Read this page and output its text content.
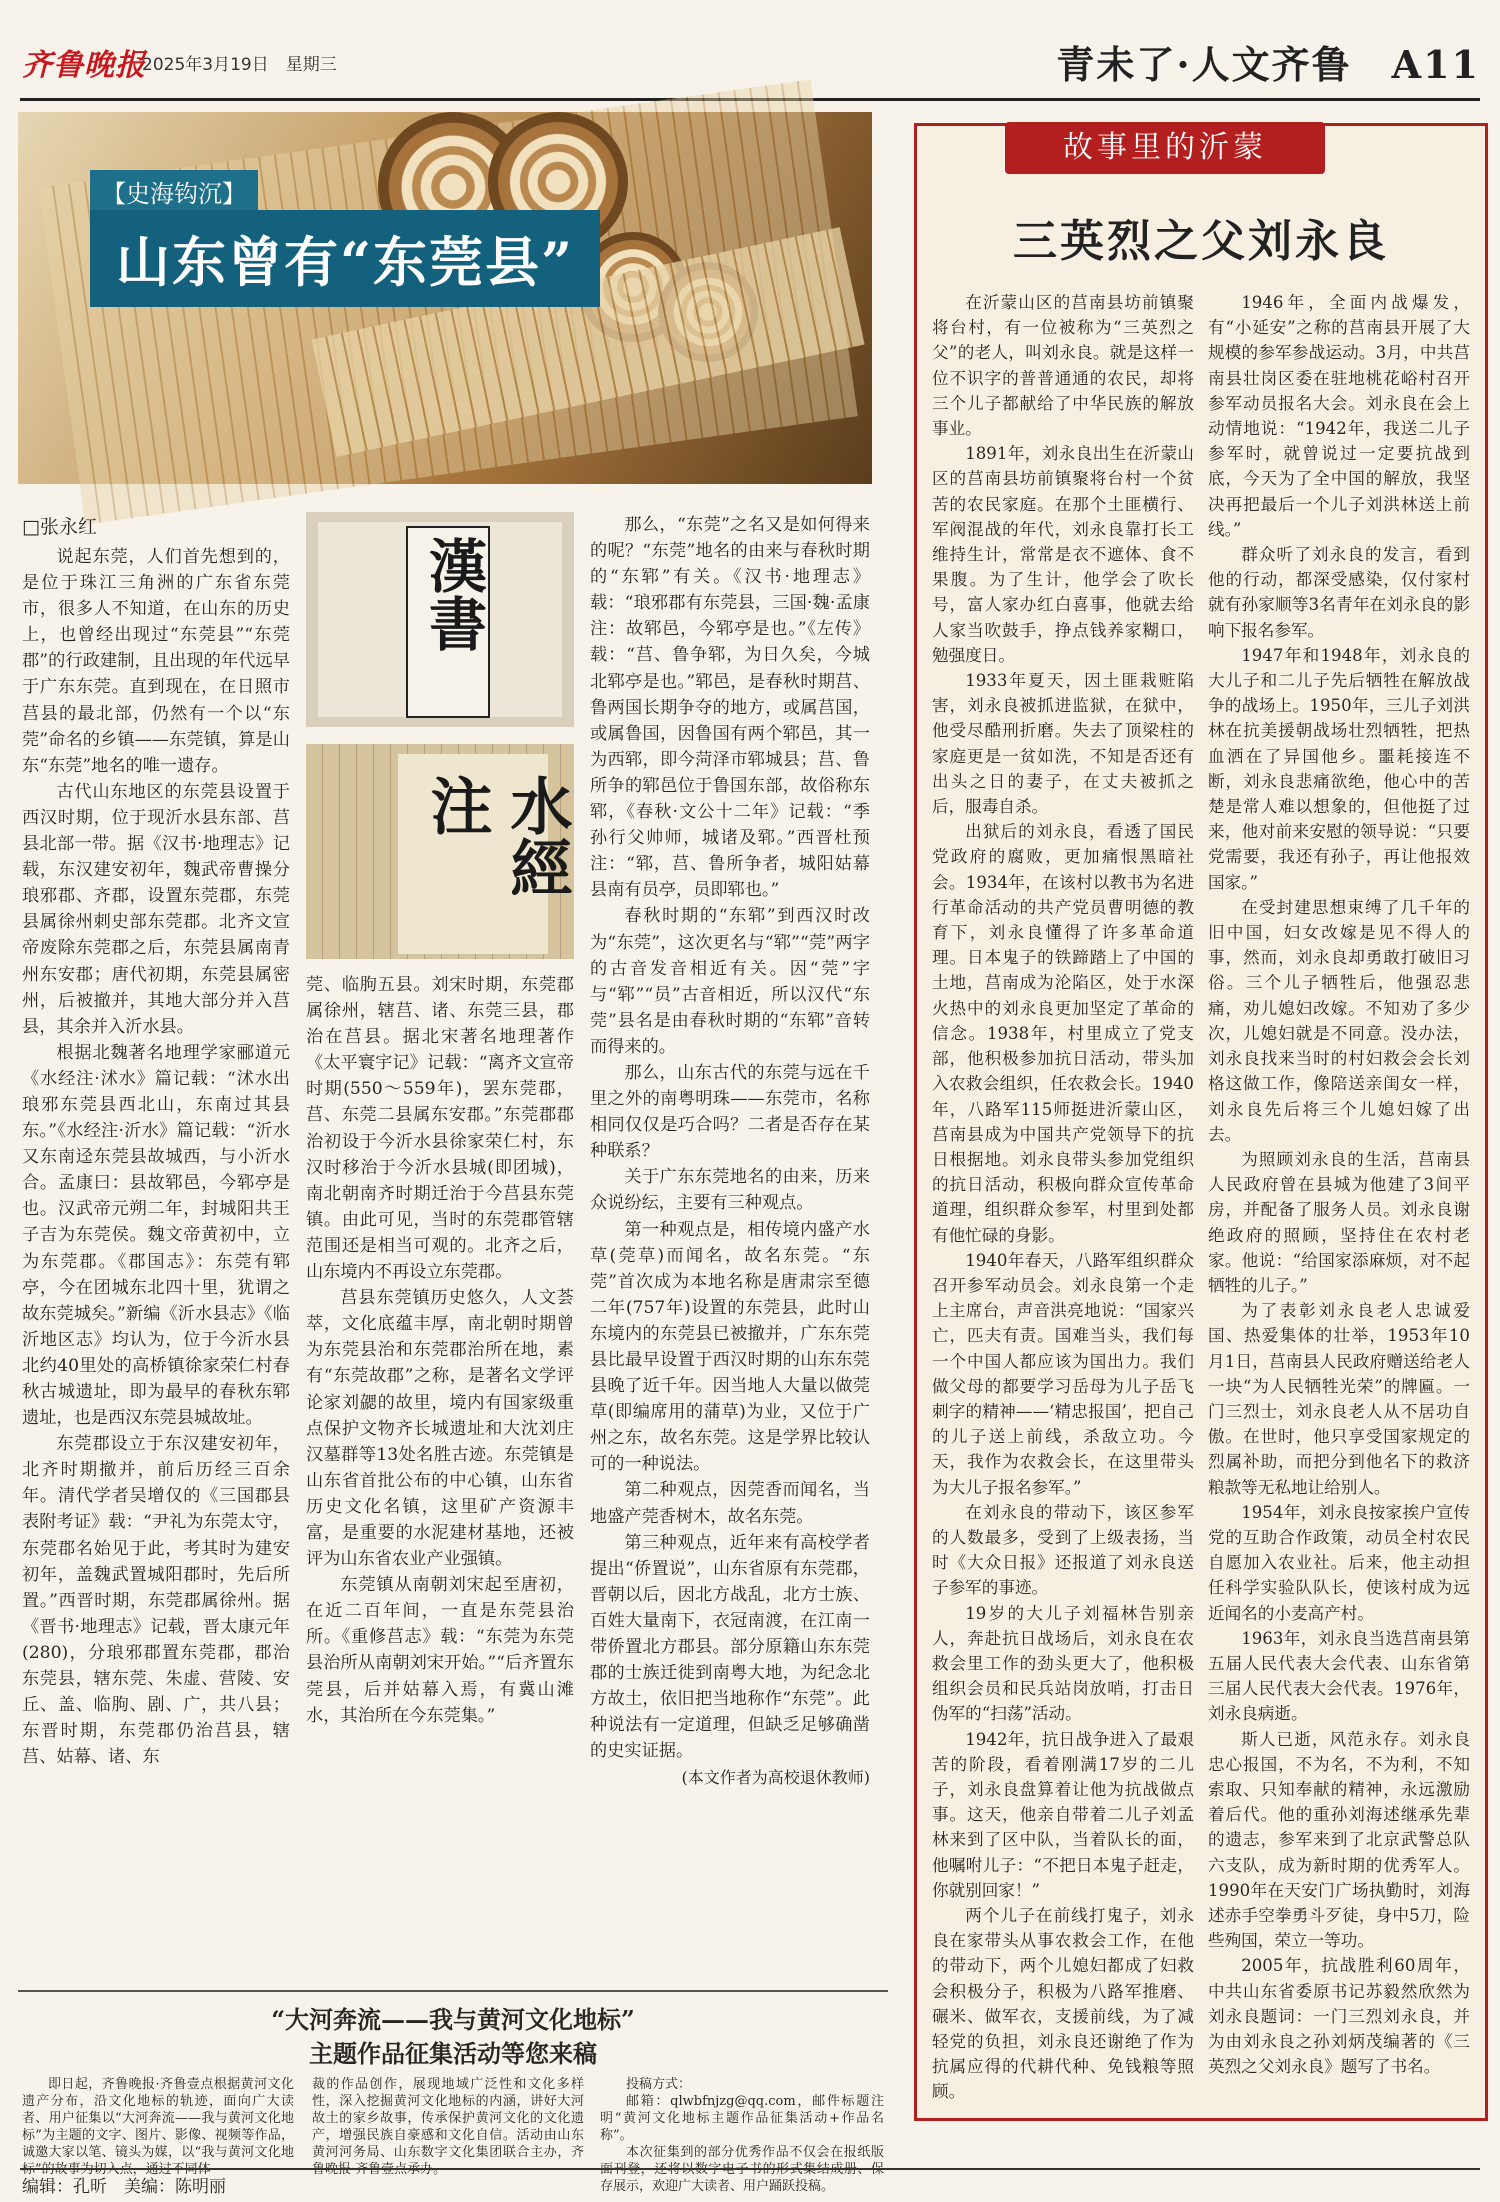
齐鲁晚报
2025年3月19日　星期三	青未了·人文齐鲁　A11
【史海钩沉】
山东曾有“东莞县”
□张永红

说起东莞，人们首先想到的，是位于珠江三角洲的广东省东莞市，很多人不知道，在山东的历史上，也曾经出现过“东莞县”“东莞郡”的行政建制，且出现的年代远早于广东东莞。直到现在，在日照市莒县的最北部，仍然有一个以“东莞”命名的乡镇——东莞镇，算是山东“东莞”地名的唯一遗存。

古代山东地区的东莞县设置于西汉时期，位于现沂水县东部、莒县北部一带。据《汉书·地理志》记载，东汉建安初年，魏武帝曹操分琅邪郡、齐郡，设置东莞郡，东莞县属徐州刺史部东莞郡。北齐文宣帝废除东莞郡之后，东莞县属南青州东安郡；唐代初期，东莞县属密州，后被撤并，其地大部分并入莒县，其余并入沂水县。

根据北魏著名地理学家郦道元《水经注·沭水》篇记载：“沭水出琅邪东莞县西北山，东南过其县东。”《水经注·沂水》篇记载：“沂水又东南迳东莞县故城西，与小沂水合。孟康曰：县故郓邑，今郓亭是也。汉武帝元朔二年，封城阳共王子吉为东莞侯。魏文帝黄初中，立为东莞郡。《郡国志》：东莞有郓亭，今在团城东北四十里，犹谓之故东莞城矣。”新编《沂水县志》《临沂地区志》均认为，位于今沂水县北约40里处的高桥镇徐家荣仁村春秋古城遗址，即为最早的春秋东郓遗址，也是西汉东莞县城故址。

东莞郡设立于东汉建安初年，北齐时期撤并，前后历经三百余年。清代学者吴增仅的《三国郡县表附考证》载：“尹礼为东莞太守，东莞郡名始见于此，考其时为建安初年，盖魏武置城阳郡时，先后所置。”西晋时期，东莞郡属徐州。据《晋书·地理志》记载，晋太康元年(280)，分琅邪郡置东莞郡，郡治东莞县，辖东莞、朱虚、营陵、安丘、盖、临朐、剧、广，共八县；东晋时期，东莞郡仍治莒县，辖莒、姑幕、诸、东

漢書
水經注

莞、临朐五县。刘宋时期，东莞郡属徐州，辖莒、诸、东莞三县，郡治在莒县。据北宋著名地理著作《太平寰宇记》记载：“离齐文宣帝时期(550～559年)，罢东莞郡，莒、东莞二县属东安郡。”东莞郡郡治初设于今沂水县徐家荣仁村，东汉时移治于今沂水县城(即团城)，南北朝南齐时期迁治于今莒县东莞镇。由此可见，当时的东莞郡管辖范围还是相当可观的。北齐之后，山东境内不再设立东莞郡。

莒县东莞镇历史悠久，人文荟萃，文化底蕴丰厚，南北朝时期曾为东莞县治和东莞郡治所在地，素有“东莞故郡”之称，是著名文学评论家刘勰的故里，境内有国家级重点保护文物齐长城遗址和大沈刘庄汉墓群等13处名胜古迹。东莞镇是山东省首批公布的中心镇，山东省历史文化名镇，这里矿产资源丰富，是重要的水泥建材基地，还被评为山东省农业产业强镇。

东莞镇从南朝刘宋起至唐初，在近二百年间，一直是东莞县治所。《重修莒志》载：“东莞为东莞县治所从南朝刘宋开始。”“后齐置东莞县，后并姑幕入焉，有冀山滩水，其治所在今东莞集。”

那么，“东莞”之名又是如何得来的呢？“东莞”地名的由来与春秋时期的“东郓”有关。《汉书·地理志》载：“琅邪郡有东莞县，三国·魏·孟康注：故郓邑，今郓亭是也。”《左传》载：“莒、鲁争郓，为日久矣，今城北郓亭是也。”郓邑，是春秋时期莒、鲁两国长期争夺的地方，或属莒国，或属鲁国，因鲁国有两个郓邑，其一为西郓，即今菏泽市郓城县；莒、鲁所争的郓邑位于鲁国东部，故俗称东郓，《春秋·文公十二年》记载：“季孙行父帅师，城诸及郓。”西晋杜预注：“郓，莒、鲁所争者，城阳姑幕县南有员亭，员即郓也。”

春秋时期的“东郓”到西汉时改为“东莞”，这次更名与“郓”“莞”两字的古音发音相近有关。因“莞”字与“郓”“员”古音相近，所以汉代“东莞”县名是由春秋时期的“东郓”音转而得来的。

那么，山东古代的东莞与远在千里之外的南粤明珠——东莞市，名称相同仅仅是巧合吗？二者是否存在某种联系？

关于广东东莞地名的由来，历来众说纷纭，主要有三种观点。

第一种观点是，相传境内盛产水草(莞草)而闻名，故名东莞。“东莞”首次成为本地名称是唐肃宗至德二年(757年)设置的东莞县，此时山东境内的东莞县已被撤并，广东东莞县比最早设置于西汉时期的山东东莞县晚了近千年。因当地人大量以做莞草(即编席用的蒲草)为业，又位于广州之东，故名东莞。这是学界比较认可的一种说法。

第二种观点，因莞香而闻名，当地盛产莞香树木，故名东莞。

第三种观点，近年来有高校学者提出“侨置说”，山东省原有东莞郡，晋朝以后，因北方战乱，北方士族、百姓大量南下，衣冠南渡，在江南一带侨置北方郡县。部分原籍山东东莞郡的士族迁徙到南粤大地，为纪念北方故土，依旧把当地称作“东莞”。此种说法有一定道理，但缺乏足够确凿的史实证据。

(本文作者为高校退休教师)
故事里的沂蒙
三英烈之父刘永良

在沂蒙山区的莒南县坊前镇聚将台村，有一位被称为“三英烈之父”的老人，叫刘永良。就是这样一位不识字的普普通通的农民，却将三个儿子都献给了中华民族的解放事业。

1891年，刘永良出生在沂蒙山区的莒南县坊前镇聚将台村一个贫苦的农民家庭。在那个土匪横行、军阀混战的年代，刘永良靠打长工维持生计，常常是衣不遮体、食不果腹。为了生计，他学会了吹长号，富人家办红白喜事，他就去给人家当吹鼓手，挣点钱养家糊口，勉强度日。

1933年夏天，因土匪栽赃陷害，刘永良被抓进监狱，在狱中，他受尽酷刑折磨。失去了顶梁柱的家庭更是一贫如洗，不知是否还有出头之日的妻子，在丈夫被抓之后，服毒自杀。

出狱后的刘永良，看透了国民党政府的腐败，更加痛恨黑暗社会。1934年，在该村以教书为名进行革命活动的共产党员曹明德的教育下，刘永良懂得了许多革命道理。日本鬼子的铁蹄踏上了中国的土地，莒南成为沦陷区，处于水深火热中的刘永良更加坚定了革命的信念。1938年，村里成立了党支部，他积极参加抗日活动，带头加入农救会组织，任农救会长。1940年，八路军115师挺进沂蒙山区，莒南县成为中国共产党领导下的抗日根据地。刘永良带头参加党组织的抗日活动，积极向群众宣传革命道理，组织群众参军，村里到处都有他忙碌的身影。

1940年春天，八路军组织群众召开参军动员会。刘永良第一个走上主席台，声音洪亮地说：“国家兴亡，匹夫有责。国难当头，我们每一个中国人都应该为国出力。我们做父母的都要学习岳母为儿子岳飞刺字的精神——‘精忠报国’，把自己的儿子送上前线，杀敌立功。今天，我作为农救会长，在这里带头为大儿子报名参军。”

在刘永良的带动下，该区参军的人数最多，受到了上级表扬，当时《大众日报》还报道了刘永良送子参军的事迹。

19岁的大儿子刘福林告别亲人，奔赴抗日战场后，刘永良在农救会里工作的劲头更大了，他积极组织会员和民兵站岗放哨，打击日伪军的“扫荡”活动。

1942年，抗日战争进入了最艰苦的阶段，看着刚满17岁的二儿子，刘永良盘算着让他为抗战做点事。这天，他亲自带着二儿子刘孟林来到了区中队，当着队长的面，他嘱咐儿子：“不把日本鬼子赶走，你就别回家！”

两个儿子在前线打鬼子，刘永良在家带头从事农救会工作，在他的带动下，两个儿媳妇都成了妇救会积极分子，积极为八路军推磨、碾米、做军衣，支援前线，为了减轻党的负担，刘永良还谢绝了作为抗属应得的代耕代种、免钱粮等照顾。

1946年，全面内战爆发，有“小延安”之称的莒南县开展了大规模的参军参战运动。3月，中共莒南县壮岗区委在驻地桃花峪村召开参军动员报名大会。刘永良在会上动情地说：“1942年，我送二儿子参军时，就曾说过一定要抗战到底，今天为了全中国的解放，我坚决再把最后一个儿子刘洪林送上前线。”

群众听了刘永良的发言，看到他的行动，都深受感染，仅付家村就有孙家顺等3名青年在刘永良的影响下报名参军。

1947年和1948年，刘永良的大儿子和二儿子先后牺牲在解放战争的战场上。1950年，三儿子刘洪林在抗美援朝战场壮烈牺牲，把热血洒在了异国他乡。噩耗接连不断，刘永良悲痛欲绝，他心中的苦楚是常人难以想象的，但他挺了过来，他对前来安慰的领导说：“只要党需要，我还有孙子，再让他报效国家。”

在受封建思想束缚了几千年的旧中国，妇女改嫁是见不得人的事，然而，刘永良却勇敢打破旧习俗。三个儿子牺牲后，他强忍悲痛，劝儿媳妇改嫁。不知劝了多少次，儿媳妇就是不同意。没办法，刘永良找来当时的村妇救会会长刘格这做工作，像陪送亲闺女一样，刘永良先后将三个儿媳妇嫁了出去。

为照顾刘永良的生活，莒南县人民政府曾在县城为他建了3间平房，并配备了服务人员。刘永良谢绝政府的照顾，坚持住在农村老家。他说：“给国家添麻烦，对不起牺牲的儿子。”

为了表彰刘永良老人忠诚爱国、热爱集体的壮举，1953年10月1日，莒南县人民政府赠送给老人一块“为人民牺牲光荣”的牌匾。一门三烈士，刘永良老人从不居功自傲。在世时，他只享受国家规定的烈属补助，而把分到他名下的救济粮款等无私地让给别人。

1954年，刘永良按家挨户宣传党的互助合作政策，动员全村农民自愿加入农业社。后来，他主动担任科学实验队队长，使该村成为远近闻名的小麦高产村。

1963年，刘永良当选莒南县第五届人民代表大会代表、山东省第三届人民代表大会代表。1976年，刘永良病逝。

斯人已逝，风范永存。刘永良忠心报国，不为名，不为利，不知索取、只知奉献的精神，永远激励着后代。他的重孙刘海述继承先辈的遗志，参军来到了北京武警总队六支队，成为新时期的优秀军人。1990年在天安门广场执勤时，刘海述赤手空拳勇斗歹徒，身中5刀，险些殉国，荣立一等功。

2005年，抗战胜利60周年，中共山东省委原书记苏毅然欣然为刘永良题词：一门三烈刘永良，并为由刘永良之孙刘炳茂编著的《三英烈之父刘永良》题写了书名。

“大河奔流——我与黄河文化地标”
主题作品征集活动等您来稿

即日起，齐鲁晚报·齐鲁壹点根据黄河文化遗产分布，沿文化地标的轨迹，面向广大读者、用户征集以“大河奔流——我与黄河文化地标”为主题的文字、图片、影像、视频等作品，诚邀大家以笔、镜头为媒，以“我与黄河文化地

裁的作品创作，展现地域广泛性和文化多样性，深入挖掘黄河文化地标的内涵，讲好大河故土的家乡故事，传承保护黄河文化的文化遗产，增强民族自豪感和文化自信。活动由山东黄河河务局、山东数字文化集团联合主办，齐

投稿方式：

邮箱：qlwbfnjzg@qq.com，邮件标题注明“黄河文化地标主题作品征集活动+作品名称”。

本次征集到的部分优秀作品不仅会在报纸版 存展示，欢迎广大读者、用户踊跃投稿。

编辑：孔昕　美编：陈明丽
